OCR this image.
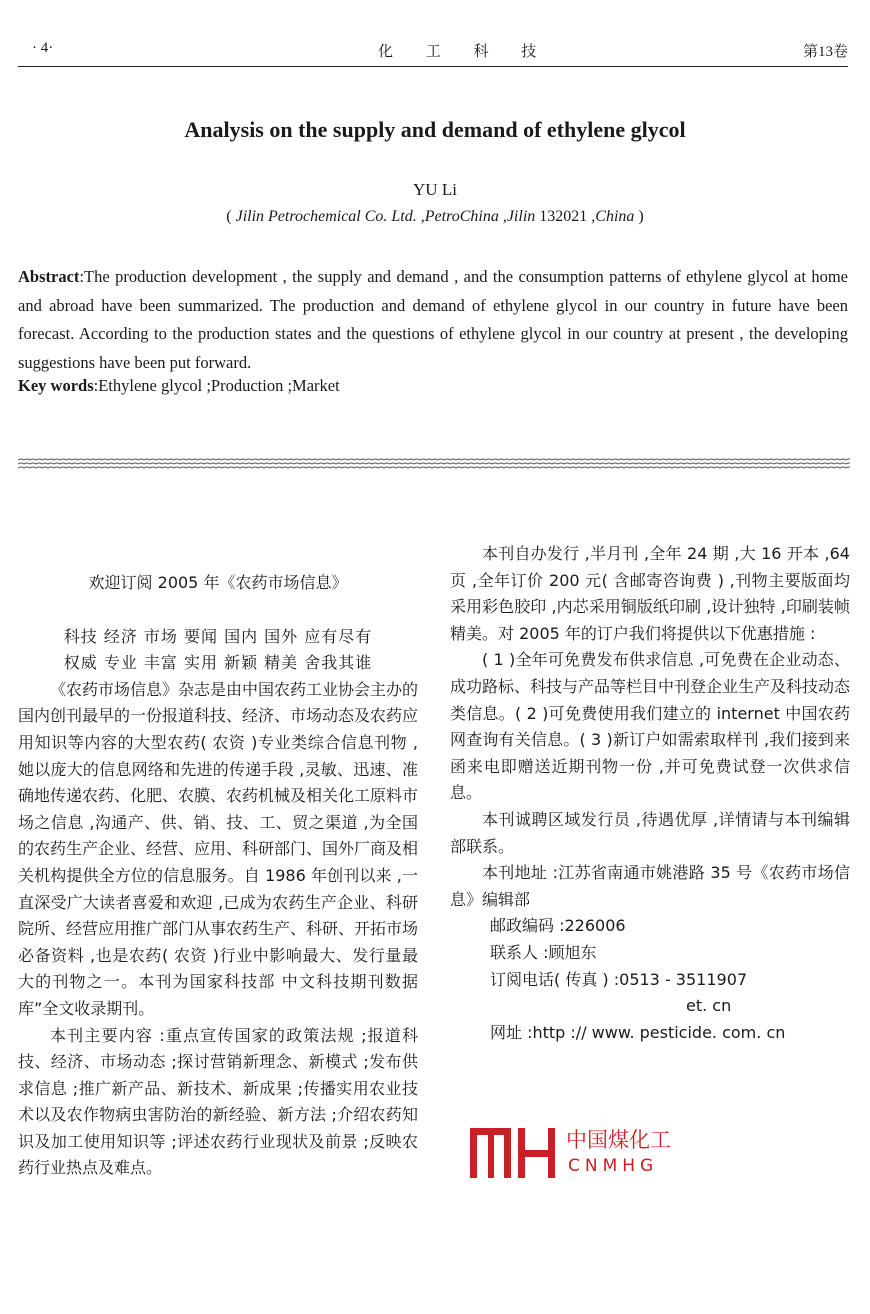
· 4·	化 工 科 技	第13卷
Analysis on the supply and demand of ethylene glycol
YU Li
( Jilin Petrochemical Co. Ltd. ,PetroChina ,Jilin 132021 ,China )

Abstract:The production development , the supply and demand , and the consumption patterns of ethylene glycol at home and abroad have been summarized. The production and demand of ethylene glycol in our country in future have been forecast. According to the production states and the questions of ethylene glycol in our country at present , the developing suggestions have been put forward.

Key words:Ethylene glycol ;Production ;Market

欢迎订阅 2005 年《农药市场信息》

科技 经济 市场 要闻 国内 国外 应有尽有

权威 专业 丰富 实用 新颖 精美 舍我其谁

《农药市场信息》杂志是由中国农药工业协会主办的国内创刊最早的一份报道科技、经济、市场动态及农药应用知识等内容的大型农药( 农资 )专业类综合信息刊物 ,她以庞大的信息网络和先进的传递手段 ,灵敏、迅速、准确地传递农药、化肥、农膜、农药机械及相关化工原料市场之信息 ,沟通产、供、销、技、工、贸之渠道 ,为全国的农药生产企业、经营、应用、科研部门、国外厂商及相关机构提供全方位的信息服务。自 1986 年创刊以来 ,一直深受广大读者喜爱和欢迎 ,已成为农药生产企业、科研院所、经营应用推广部门从事农药生产、科研、开拓市场必备资料 ,也是农药( 农资 )行业中影响最大、发行量最大的刊物之一。本刊为国家科技部 中文科技期刊数据库”全文收录期刊。

本刊主要内容 :重点宣传国家的政策法规 ;报道科技、经济、市场动态 ;探讨营销新理念、新模式 ;发布供求信息 ;推广新产品、新技术、新成果 ;传播实用农业技术以及农作物病虫害防治的新经验、新方法 ;介绍农药知识及加工使用知识等 ;评述农药行业现状及前景 ;反映农药行业热点及难点。

本刊自办发行 ,半月刊 ,全年 24 期 ,大 16 开本 ,64 页 ,全年订价 200 元( 含邮寄咨询费 ) ,刊物主要版面均采用彩色胶印 ,内芯采用铜版纸印刷 ,设计独特 ,印刷装帧精美。对 2005 年的订户我们将提供以下优惠措施 :

( 1 )全年可免费发布供求信息 ,可免费在企业动态、成功路标、科技与产品等栏目中刊登企业生产及科技动态类信息。( 2 )可免费使用我们建立的 internet 中国农药网查询有关信息。( 3 )新订户如需索取样刊 ,我们接到来函来电即赠送近期刊物一份 ,并可免费试登一次供求信息。

本刊诚聘区域发行员 ,待遇优厚 ,详情请与本刊编辑部联系。

本刊地址 :江苏省南通市姚港路 35 号《农药市场信息》编辑部

邮政编码 :226006

联系人 :顾旭东

订阅电话( 传真 ) :0513 - 3511907

et. cn

网址 :http :// www. pesticide. com. cn

中国煤化工
CNMHG
